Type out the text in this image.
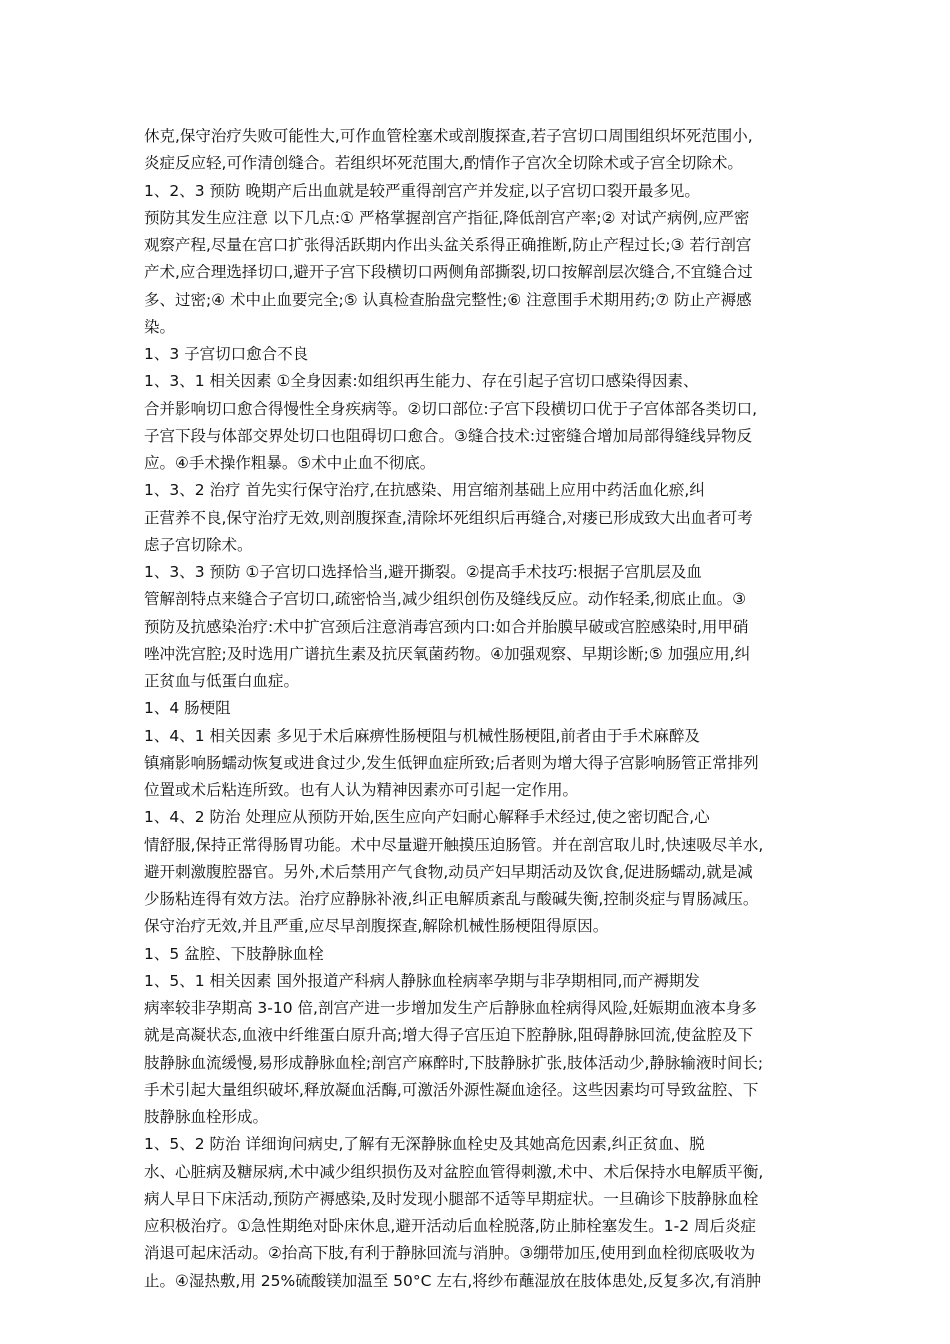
休克,保守治疗失败可能性大,可作血管栓塞术或剖腹探查,若子宫切口周围组织坏死范围小,
炎症反应轻,可作清创缝合。若组织坏死范围大,酌情作子宫次全切除术或子宫全切除术。
1、2、3 预防 晚期产后出血就是较严重得剖宫产并发症,以子宫切口裂开最多见。
预防其发生应注意 以下几点:① 严格掌握剖宫产指征,降低剖宫产率;② 对试产病例,应严密
观察产程,尽量在宫口扩张得活跃期内作出头盆关系得正确推断,防止产程过长;③ 若行剖宫
产术,应合理选择切口,避开子宫下段横切口两侧角部撕裂,切口按解剖层次缝合,不宜缝合过
多、过密;④ 术中止血要完全;⑤ 认真检查胎盘完整性;⑥ 注意围手术期用药;⑦ 防止产褥感
染。
1、3 子宫切口愈合不良
1、3、1 相关因素 ①全身因素:如组织再生能力、存在引起子宫切口感染得因素、
合并影响切口愈合得慢性全身疾病等。②切口部位:子宫下段横切口优于子宫体部各类切口,
子宫下段与体部交界处切口也阻碍切口愈合。③缝合技术:过密缝合增加局部得缝线异物反
应。④手术操作粗暴。⑤术中止血不彻底。
1、3、2 治疗 首先实行保守治疗,在抗感染、用宫缩剂基础上应用中药活血化瘀,纠
正营养不良,保守治疗无效,则剖腹探查,清除坏死组织后再缝合,对瘘已形成致大出血者可考
虑子宫切除术。
1、3、3 预防 ①子宫切口选择恰当,避开撕裂。②提高手术技巧:根据子宫肌层及血
管解剖特点来缝合子宫切口,疏密恰当,减少组织创伤及缝线反应。动作轻柔,彻底止血。③
预防及抗感染治疗:术中扩宫颈后注意消毒宫颈内口:如合并胎膜早破或宫腔感染时,用甲硝
唑冲洗宫腔;及时选用广谱抗生素及抗厌氧菌药物。④加强观察、早期诊断;⑤ 加强应用,纠
正贫血与低蛋白血症。
1、4 肠梗阻
1、4、1 相关因素 多见于术后麻痹性肠梗阻与机械性肠梗阻,前者由于手术麻醉及
镇痛影响肠蠕动恢复或进食过少,发生低钾血症所致;后者则为增大得子宫影响肠管正常排列
位置或术后粘连所致。也有人认为精神因素亦可引起一定作用。
1、4、2 防治 处理应从预防开始,医生应向产妇耐心解释手术经过,使之密切配合,心
情舒服,保持正常得肠胃功能。术中尽量避开触摸压迫肠管。并在剖宫取儿时,快速吸尽羊水,
避开刺激腹腔器官。另外,术后禁用产气食物,动员产妇早期活动及饮食,促进肠蠕动,就是减
少肠粘连得有效方法。治疗应静脉补液,纠正电解质紊乱与酸碱失衡,控制炎症与胃肠减压。
保守治疗无效,并且严重,应尽早剖腹探查,解除机械性肠梗阻得原因。
1、5 盆腔、下肢静脉血栓
1、5、1 相关因素 国外报道产科病人静脉血栓病率孕期与非孕期相同,而产褥期发
病率较非孕期高 3-10 倍,剖宫产进一步增加发生产后静脉血栓病得风险,妊娠期血液本身多
就是高凝状态,血液中纤维蛋白原升高;增大得子宫压迫下腔静脉,阻碍静脉回流,使盆腔及下
肢静脉血流缓慢,易形成静脉血栓;剖宫产麻醉时,下肢静脉扩张,肢体活动少,静脉输液时间长;
手术引起大量组织破坏,释放凝血活酶,可激活外源性凝血途径。这些因素均可导致盆腔、下
肢静脉血栓形成。
1、5、2 防治 详细询问病史,了解有无深静脉血栓史及其她高危因素,纠正贫血、脱
水、心脏病及糖尿病,术中减少组织损伤及对盆腔血管得刺激,术中、术后保持水电解质平衡,
病人早日下床活动,预防产褥感染,及时发现小腿部不适等早期症状。一旦确诊下肢静脉血栓
应积极治疗。①急性期绝对卧床休息,避开活动后血栓脱落,防止肺栓塞发生。1-2 周后炎症
消退可起床活动。②抬高下肢,有利于静脉回流与消肿。③绷带加压,使用到血栓彻底吸收为
止。④湿热敷,用 25%硫酸镁加温至 50°C 左右,将纱布蘸湿放在肢体患处,反复多次,有消肿
